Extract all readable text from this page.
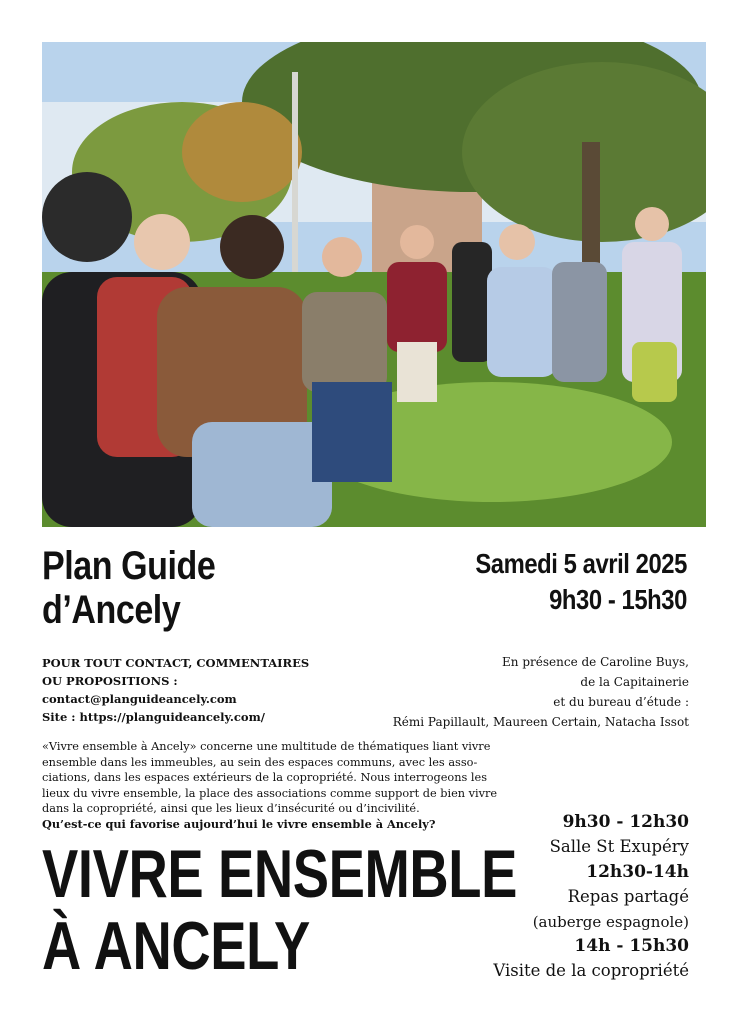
Plan Guide
d’Ancely
Samedi 5 avril 2025
9h30 - 15h30
POUR TOUT CONTACT, COMMENTAIRES
OU PROPOSITIONS :
contact@planguideancely.com
Site : https://planguideancely.com/
En présence de Caroline Buys,
de la Capitainerie
et du bureau d’étude :
Rémi Papillault, Maureen Certain, Natacha Issot
«Vivre ensemble à Ancely» concerne une multitude de thématiques liant vivre
ensemble dans les immeubles, au sein des espaces communs, avec les asso-
ciations, dans les espaces extérieurs de la copropriété. Nous interrogeons les
lieux du vivre ensemble, la place des associations comme support de bien vivre
dans la copropriété, ainsi que les lieux d’insécurité ou d’incivilité.
Qu’est-ce qui favorise aujourd’hui le vivre ensemble à Ancely?
VIVRE ENSEMBLE
À ANCELY
9h30 - 12h30
Salle St Exupéry
12h30-14h
Repas partagé
(auberge espagnole)
14h - 15h30
Visite de la copropriété
